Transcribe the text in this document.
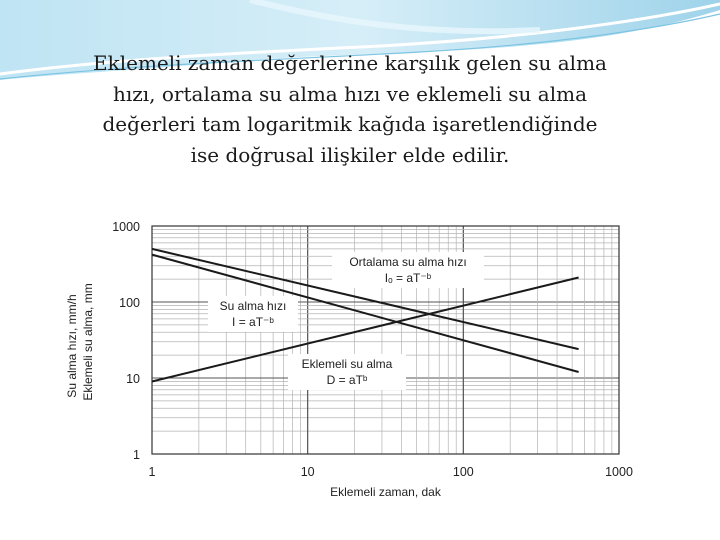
Eklemeli zaman değerlerine karşılık gelen su alma
hızı, ortalama su alma hızı ve eklemeli su alma
değerleri tam logaritmik kağıda işaretlendiğinde
ise doğrusal ilişkiler elde edilir.
Ortalama su alma hızı
Iₒ = aT⁻ᵇ
Su alma hızı
I = aT⁻ᵇ
Eklemeli su alma
D = aTᵇ
1	10	100	1000
1
10
100
1000
Eklemeli zaman, dak
Su alma hızı, mm/h Eklemeli su alma, mm
